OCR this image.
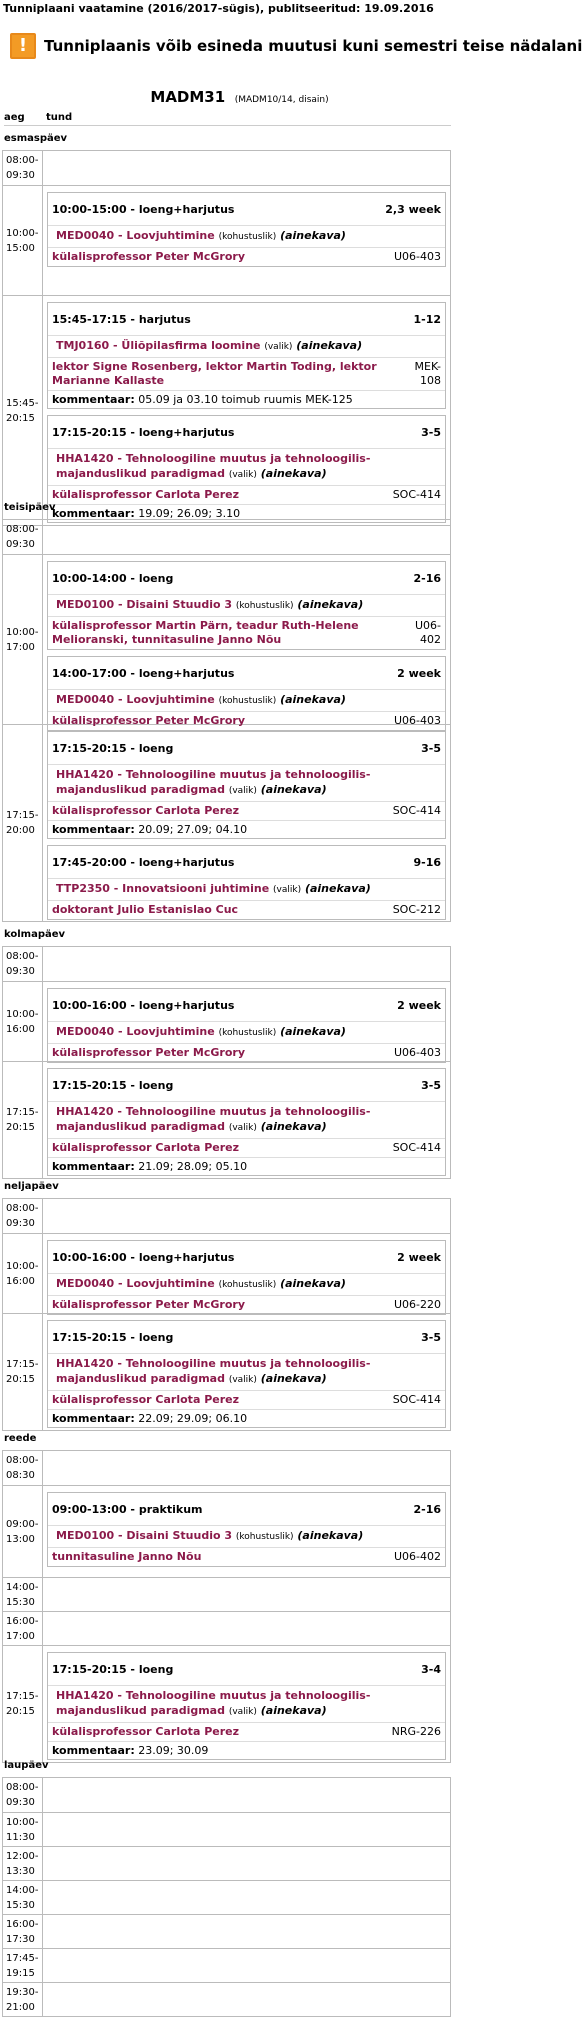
Tunniplaani vaatamine (2016/2017-sügis), publitseeritud: 19.09.2016
!	Tunniplaanis võib esineda muutusi kuni semestri teise nädalani
MADM31 (MADM10/14, disain)
aeg tund
esmaspäev
08:00-09:30
10:00-15:00
10:00-15:00 - loeng+harjutus	2,3 week
MED0040 - Loovjuhtimine (kohustuslik) (ainekava)
külalisprofessor Peter McGrory	U06-403
15:45-20:15
15:45-17:15 - harjutus	1-12
TMJ0160 - Üliõpilasfirma loomine (valik) (ainekava)
lektor Signe Rosenberg, lektor Martin Toding, lektor Marianne Kallaste
MEK-108
kommentaar: 05.09 ja 03.10 toimub ruumis MEK-125
17:15-20:15 - loeng+harjutus	3-5
HHA1420 - Tehnoloogiline muutus ja tehnoloogilis-majanduslikud paradigmad (valik) (ainekava)
külalisprofessor Carlota Perez	SOC-414
kommentaar: 19.09; 26.09; 3.10
teisipäev
08:00-09:30
10:00-17:00
10:00-14:00 - loeng	2-16
MED0100 - Disaini Stuudio 3 (kohustuslik) (ainekava)
külalisprofessor Martin Pärn, teadur Ruth-Helene Melioranski, tunnitasuline Janno Nõu
U06-402
14:00-17:00 - loeng+harjutus	2 week
MED0040 - Loovjuhtimine (kohustuslik) (ainekava)
külalisprofessor Peter McGrory	U06-403
17:15-20:00
17:15-20:15 - loeng	3-5
HHA1420 - Tehnoloogiline muutus ja tehnoloogilis-majanduslikud paradigmad (valik) (ainekava)
külalisprofessor Carlota Perez	SOC-414
kommentaar: 20.09; 27.09; 04.10
17:45-20:00 - loeng+harjutus	9-16
TTP2350 - Innovatsiooni juhtimine (valik) (ainekava)
doktorant Julio Estanislao Cuc	SOC-212
kolmapäev
08:00-09:30
10:00-16:00
10:00-16:00 - loeng+harjutus	2 week
MED0040 - Loovjuhtimine (kohustuslik) (ainekava)
külalisprofessor Peter McGrory	U06-403
17:15-20:15
17:15-20:15 - loeng	3-5
HHA1420 - Tehnoloogiline muutus ja tehnoloogilis-majanduslikud paradigmad (valik) (ainekava)
külalisprofessor Carlota Perez	SOC-414
kommentaar: 21.09; 28.09; 05.10
neljapäev
08:00-09:30
10:00-16:00
10:00-16:00 - loeng+harjutus	2 week
MED0040 - Loovjuhtimine (kohustuslik) (ainekava)
külalisprofessor Peter McGrory	U06-220
17:15-20:15
17:15-20:15 - loeng	3-5
HHA1420 - Tehnoloogiline muutus ja tehnoloogilis-majanduslikud paradigmad (valik) (ainekava)
külalisprofessor Carlota Perez	SOC-414
kommentaar: 22.09; 29.09; 06.10
reede
08:00-08:30
09:00-13:00
09:00-13:00 - praktikum	2-16
MED0100 - Disaini Stuudio 3 (kohustuslik) (ainekava)
tunnitasuline Janno Nõu	U06-402
14:00-15:30
16:00-17:00
17:15-20:15
17:15-20:15 - loeng	3-4
HHA1420 - Tehnoloogiline muutus ja tehnoloogilis-majanduslikud paradigmad (valik) (ainekava)
külalisprofessor Carlota Perez	NRG-226
kommentaar: 23.09; 30.09
laupäev
08:00-09:30
10:00-11:30
12:00-13:30
14:00-15:30
16:00-17:30
17:45-19:15
19:30-21:00
